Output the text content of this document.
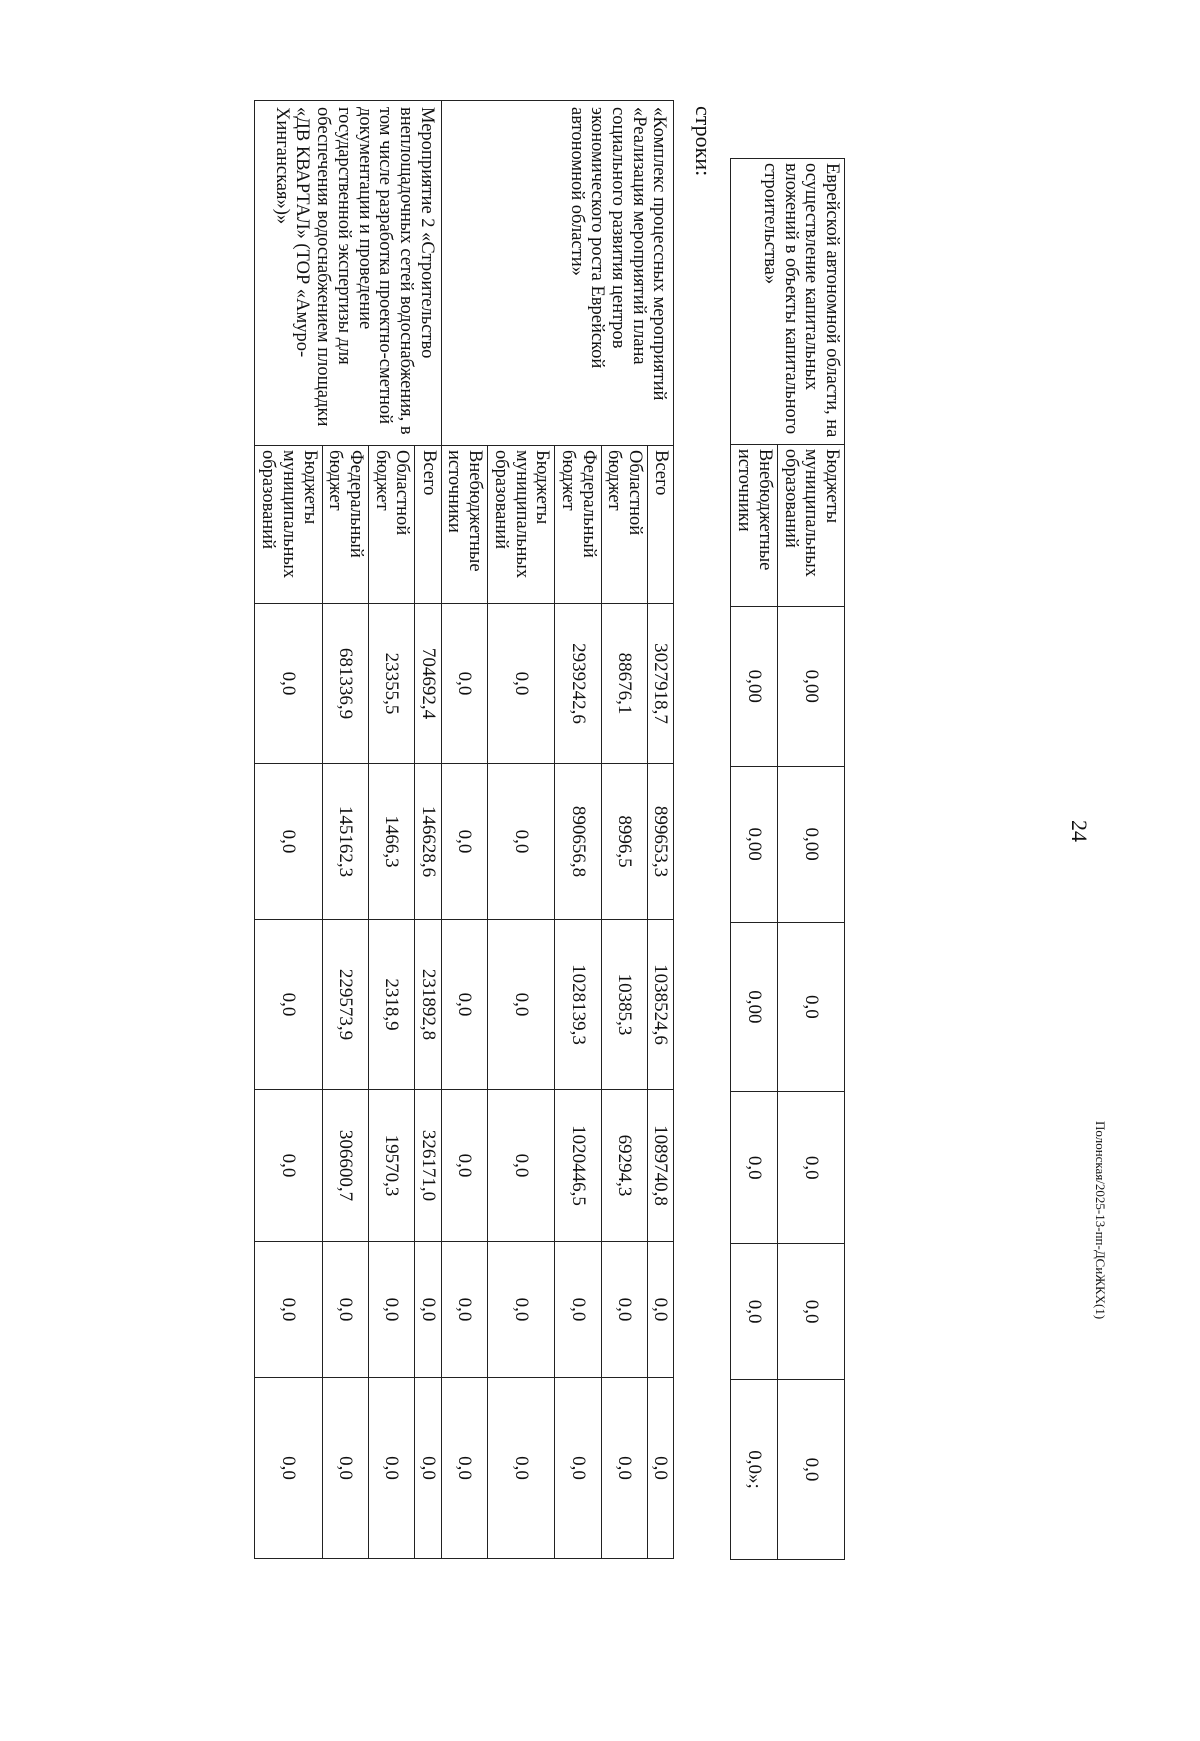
24
Полонская/2025-13-пп-ДСиЖКХ(1)
Еврейской автономной области, на осуществление капитальных вложений в объекты капитального строительства»	Бюджеты муниципальных образований	0,00	0,00	0,0	0,0	0,0	0,0
	Внебюджетные источники	0,00	0,00	0,00	0,0	0,0	0,0»;
строки:
«Комплекс процессных мероприятий «Реализация мероприятий плана социального развития центров экономического роста Еврейской автономной области»	Всего	3027918,7	899653,3	1038524,6	1089740,8	0,0	0,0
	Областной бюджет	88676,1	8996,5	10385,3	69294,3	0,0	0,0
	Федеральный бюджет	2939242,6	890656,8	1028139,3	1020446,5	0,0	0,0
	Бюджеты муниципальных образований	0,0	0,0	0,0	0,0	0,0	0,0
	Внебюджетные источники	0,0	0,0	0,0	0,0	0,0	0,0
Мероприятие 2 «Строительство внеплощадочных сетей водоснабжения, в том числе разработка проектно-сметной документации и проведение государственной экспертизы для обеспечения водоснабжением площадки «ДВ КВАРТАЛ» (ТОР «Амуро-Хинганская»)»	Всего	704692,4	146628,6	231892,8	326171,0	0,0	0,0
	Областной бюджет	23355,5	1466,3	2318,9	19570,3	0,0	0,0
	Федеральный бюджет	681336,9	145162,3	229573,9	306600,7	0,0	0,0
	Бюджеты муниципальных образований	0,0	0,0	0,0	0,0	0,0	0,0
